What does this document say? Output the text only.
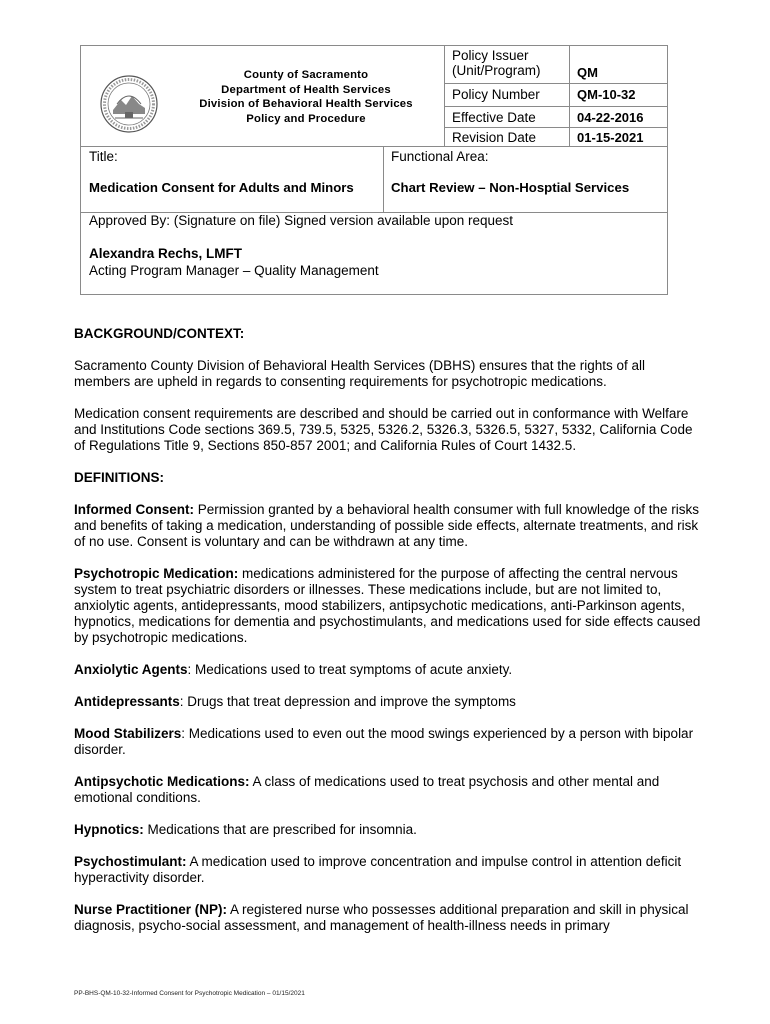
County of Sacramento
Department of Health Services
Division of Behavioral Health Services
Policy and Procedure
Policy Issuer
(Unit/Program)	QM
Policy Number	QM-10-32
Effective Date	04-22-2016
Revision Date	01-15-2021
Title:
Medication Consent for Adults and Minors
Functional Area:
Chart Review – Non-Hosptial Services
Approved By: (Signature on file) Signed version available upon request
Alexandra Rechs, LMFT
Acting Program Manager – Quality Management
BACKGROUND/CONTEXT:

Sacramento County Division of Behavioral Health Services (DBHS) ensures that the rights of all members are upheld in regards to consenting requirements for psychotropic medications.

Medication consent requirements are described and should be carried out in conformance with Welfare and Institutions Code sections 369.5, 739.5, 5325, 5326.2, 5326.3, 5326.5, 5327, 5332, California Code of Regulations Title 9, Sections 850-857 2001; and California Rules of Court 1432.5.

DEFINITIONS:

Informed Consent: Permission granted by a behavioral health consumer with full knowledge of the risks and benefits of taking a medication, understanding of possible side effects, alternate treatments, and risk of no use. Consent is voluntary and can be withdrawn at any time.

Psychotropic Medication: medications administered for the purpose of affecting the central nervous system to treat psychiatric disorders or illnesses. These medications include, but are not limited to, anxiolytic agents, antidepressants, mood stabilizers, antipsychotic medications, anti-Parkinson agents, hypnotics, medications for dementia and psychostimulants, and medications used for side effects caused by psychotropic medications.

Anxiolytic Agents: Medications used to treat symptoms of acute anxiety.

Antidepressants: Drugs that treat depression and improve the symptoms

Mood Stabilizers: Medications used to even out the mood swings experienced by a person with bipolar disorder.

Antipsychotic Medications: A class of medications used to treat psychosis and other mental and emotional conditions.

Hypnotics: Medications that are prescribed for insomnia.

Psychostimulant: A medication used to improve concentration and impulse control in attention deficit hyperactivity disorder.

Nurse Practitioner (NP): A registered nurse who possesses additional preparation and skill in physical diagnosis, psycho-social assessment, and management of health-illness needs in primary

PP-BHS-QM-10-32-Informed Consent for Psychotropic Medication – 01/15/2021
